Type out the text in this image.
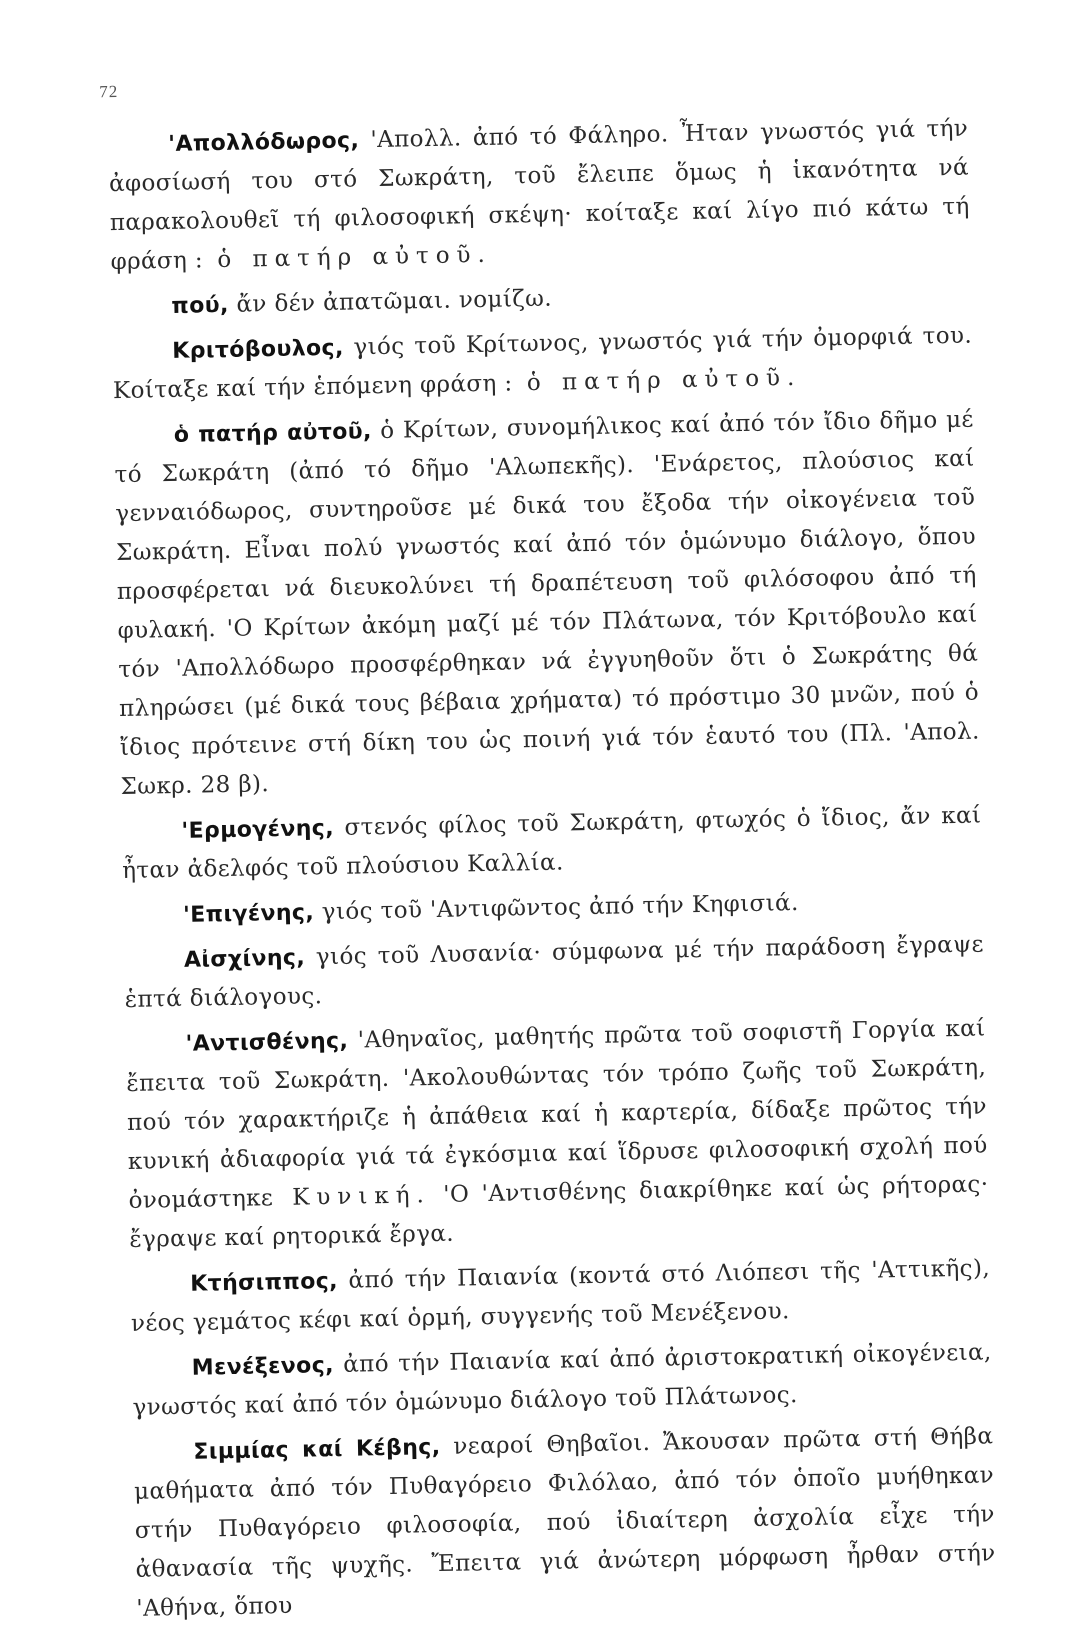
72

'Απολλόδωρος, 'Απολλ. ἀπό τό Φάληρο. Ἦταν γνωστός γιά τήν ἀφοσίωσή του στό Σωκράτη, τοῦ ἔλειπε ὅμως ἡ ἱκανότητα νά παρακολουθεῖ τή φιλοσοφική σκέψη· κοίταξε καί λίγο πιό κάτω τή φράση : ὁ πατήρ αὐτοῦ.

πού, ἄν δέν ἀπατῶμαι. νομίζω.

Κριτόβουλος, γιός τοῦ Κρίτωνος, γνωστός γιά τήν ὀμορφιά του. Κοίταξε καί τήν ἑπόμενη φράση : ὁ πατήρ αὐτοῦ.

ὁ πατήρ αὐτοῦ, ὁ Κρίτων, συνομήλικος καί ἀπό τόν ἴδιο δῆμο μέ τό Σωκράτη (ἀπό τό δῆμο 'Αλωπεκῆς). 'Ενάρετος, πλούσιος καί γενναιόδωρος, συντηροῦσε μέ δικά του ἔξοδα τήν οἰκογένεια τοῦ Σωκράτη. Εἶναι πολύ γνωστός καί ἀπό τόν ὁμώνυμο διάλογο, ὅπου προσφέρεται νά διευκολύνει τή δραπέτευση τοῦ φιλόσοφου ἀπό τή φυλακή. 'Ο Κρίτων ἀκόμη μαζί μέ τόν Πλάτωνα, τόν Κριτόβουλο καί τόν 'Απολλόδωρο προσφέρθηκαν νά ἐγγυηθοῦν ὅτι ὁ Σωκράτης θά πληρώσει (μέ δικά τους βέβαια χρήματα) τό πρόστιμο 30 μνῶν, πού ὁ ἴδιος πρότεινε στή δίκη του ὡς ποινή γιά τόν ἑαυτό του (Πλ. 'Απολ. Σωκρ. 28 β).

'Ερμογένης, στενός φίλος τοῦ Σωκράτη, φτωχός ὁ ἴδιος, ἄν καί ἦταν ἀδελφός τοῦ πλούσιου Καλλία.

'Επιγένης, γιός τοῦ 'Αντιφῶντος ἀπό τήν Κηφισιά.

Αἰσχίνης, γιός τοῦ Λυσανία· σύμφωνα μέ τήν παράδοση ἔγραψε ἑπτά διάλογους.

'Αντισθένης, 'Αθηναῖος, μαθητής πρῶτα τοῦ σοφιστῆ Γοργία καί ἔπειτα τοῦ Σωκράτη. 'Ακολουθώντας τόν τρόπο ζωῆς τοῦ Σωκράτη, πού τόν χαρακτήριζε ἡ ἀπάθεια καί ἡ καρτερία, δίδαξε πρῶτος τήν κυνική ἀδιαφορία γιά τά ἐγκόσμια καί ἵδρυσε φιλοσοφική σχολή πού ὀνομάστηκε Κυνική. 'Ο 'Αντισθένης διακρίθηκε καί ὡς ρήτορας· ἔγραψε καί ρητορικά ἔργα.

Κτήσιππος, ἀπό τήν Παιανία (κοντά στό Λιόπεσι τῆς 'Αττικῆς), νέος γεμάτος κέφι καί ὁρμή, συγγενής τοῦ Μενέξενου.

Μενέξενος, ἀπό τήν Παιανία καί ἀπό ἀριστοκρατική οἰκογένεια, γνωστός καί ἀπό τόν ὁμώνυμο διάλογο τοῦ Πλάτωνος.

Σιμμίας καί Κέβης, νεαροί Θηβαῖοι. Ἄκουσαν πρῶτα στή Θήβα μαθήματα ἀπό τόν Πυθαγόρειο Φιλόλαο, ἀπό τόν ὁποῖο μυήθηκαν στήν Πυθαγόρειο φιλοσοφία, πού ἰδιαίτερη ἀσχολία εἶχε τήν ἀθανασία τῆς ψυχῆς. Ἔπειτα γιά ἀνώτερη μόρφωση ἦρθαν στήν 'Αθήνα, ὅπου
